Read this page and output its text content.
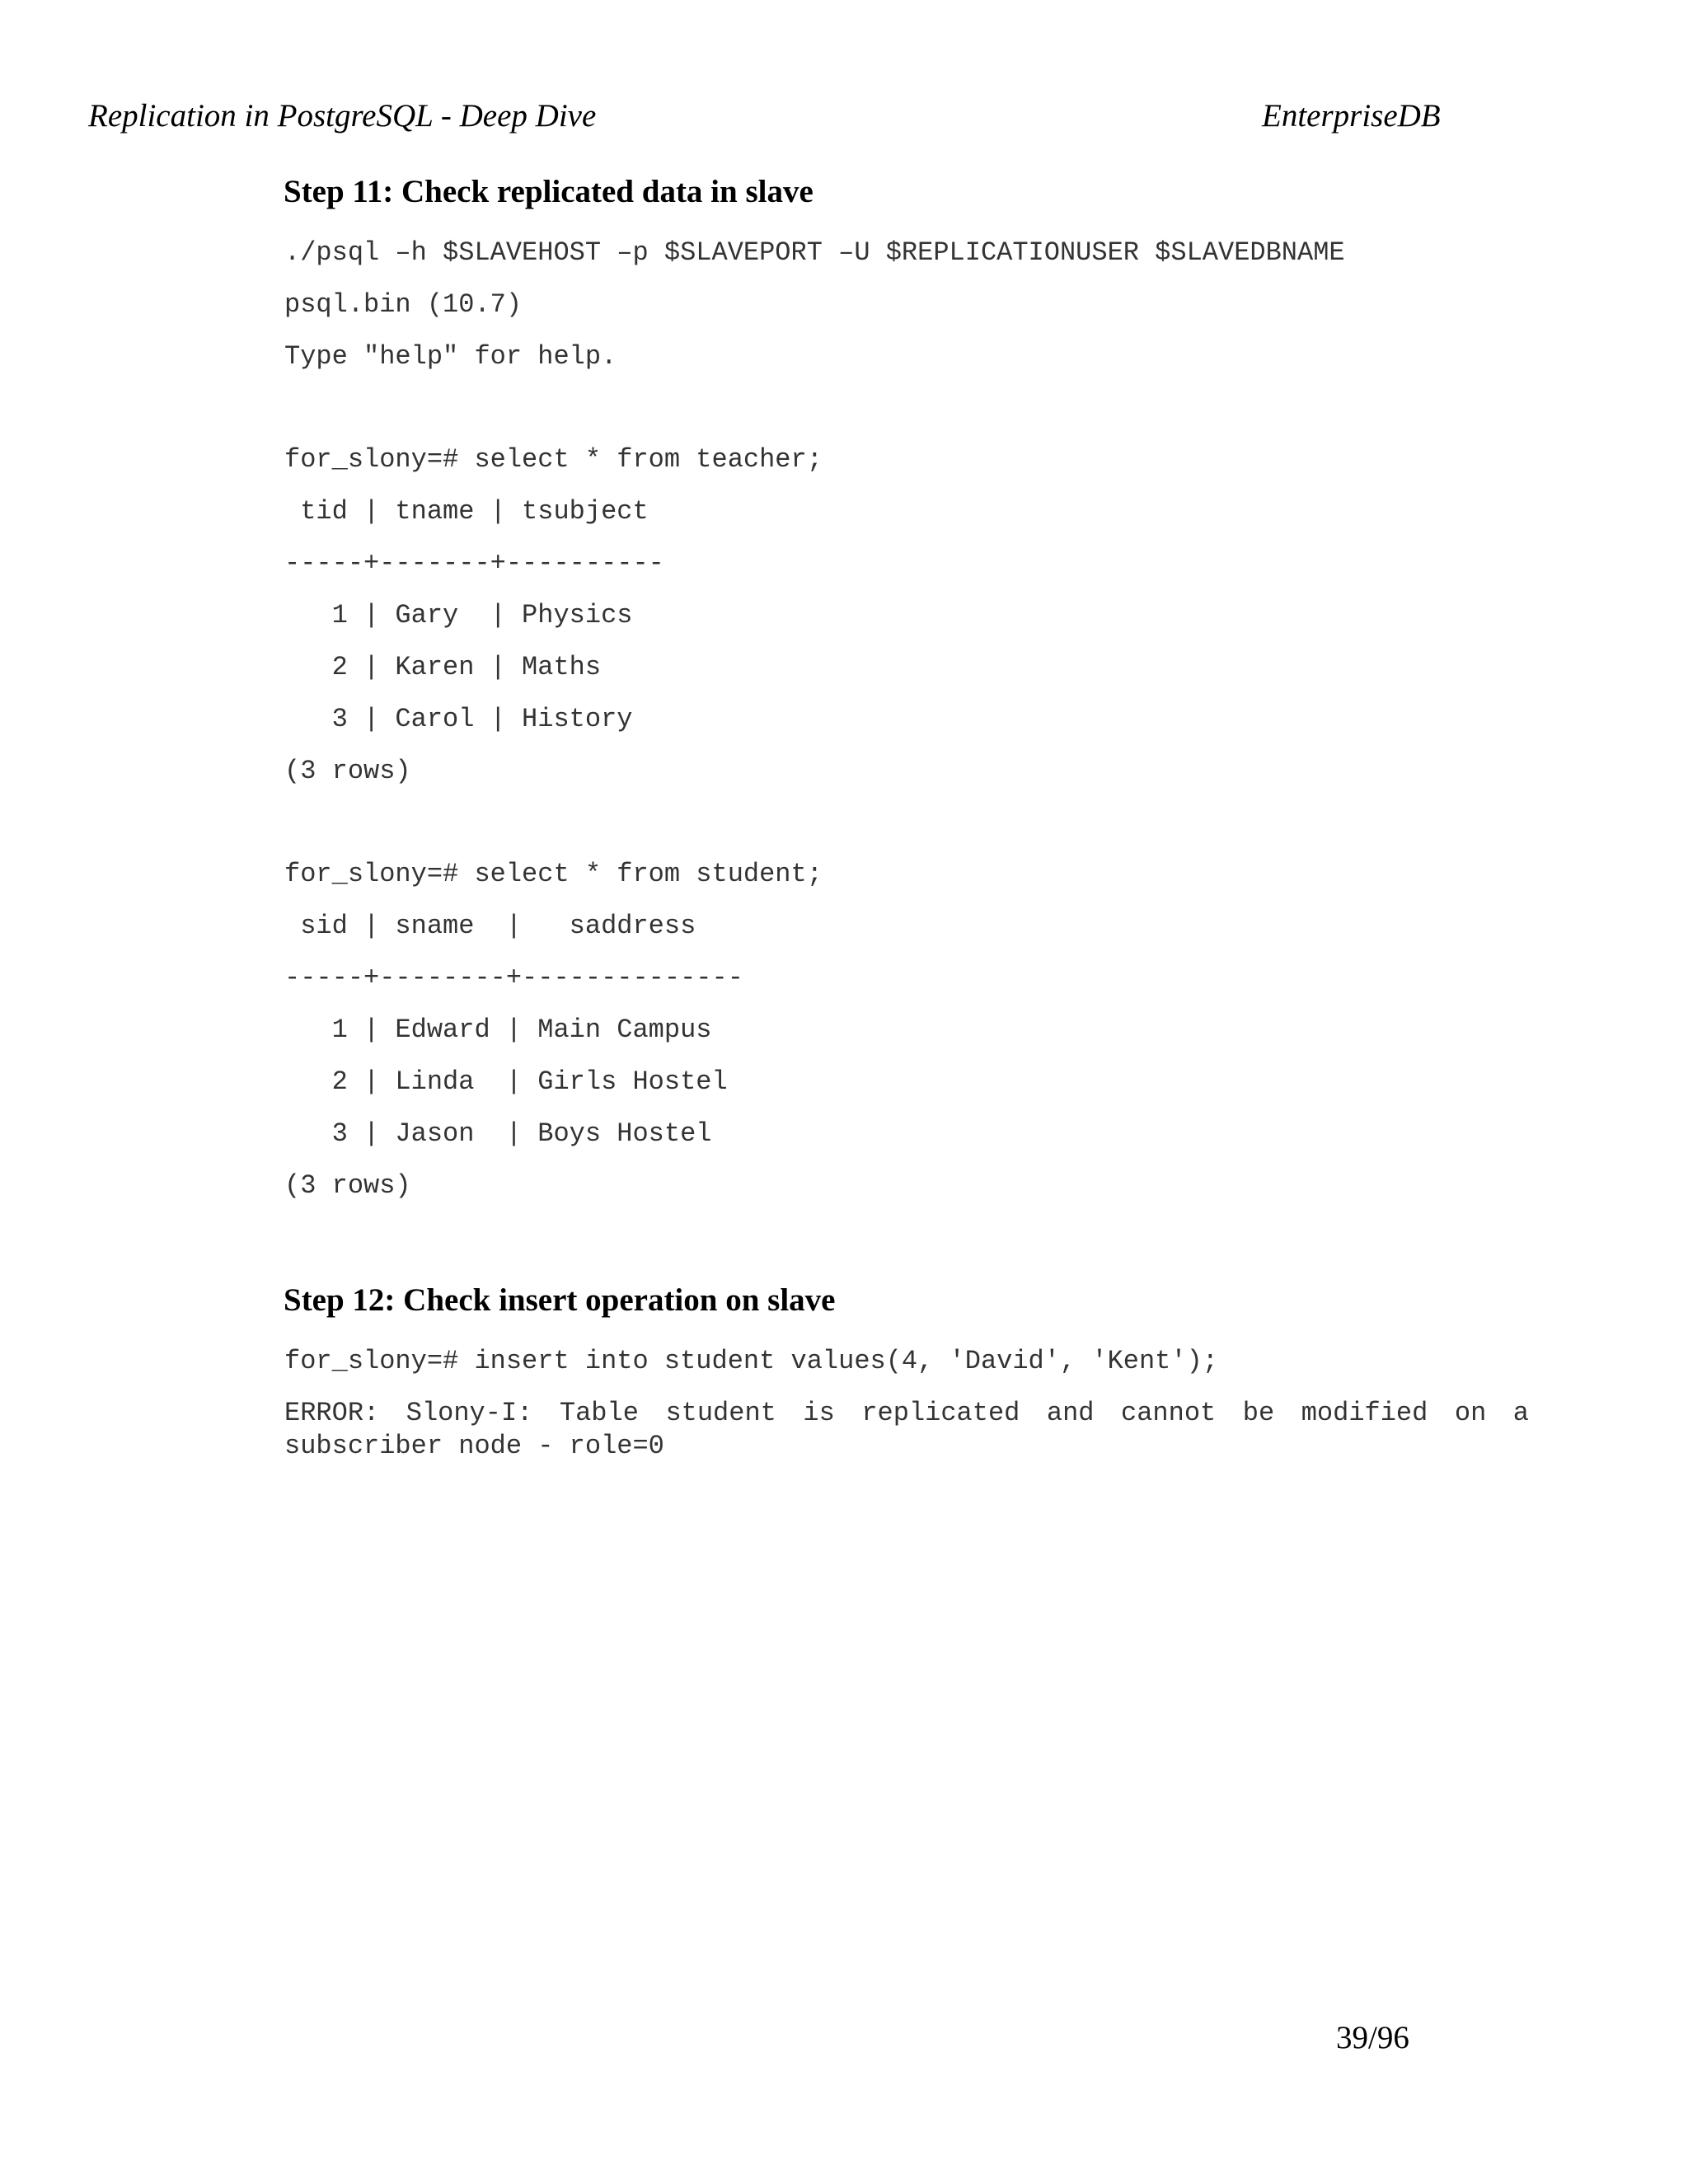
Replication in PostgreSQL - Deep Dive	EnterpriseDB
Step 11: Check replicated data in slave
./psql –h $SLAVEHOST –p $SLAVEPORT –U $REPLICATIONUSER $SLAVEDBNAME
psql.bin (10.7)
Type "help" for help.
for_slony=# select * from teacher;
tid | tname | tsubject
-----+-------+----------
1 | Gary  | Physics
2 | Karen | Maths
3 | Carol | History
(3 rows)
for_slony=# select * from student;
sid | sname  |   saddress
-----+--------+--------------
1 | Edward | Main Campus
2 | Linda  | Girls Hostel
3 | Jason  | Boys Hostel
(3 rows)
Step 12: Check insert operation on slave
for_slony=# insert into student values(4, 'David', 'Kent');
ERROR: Slony-I: Table student is replicated and cannot be modified on a subscriber node - role=0
39/96
